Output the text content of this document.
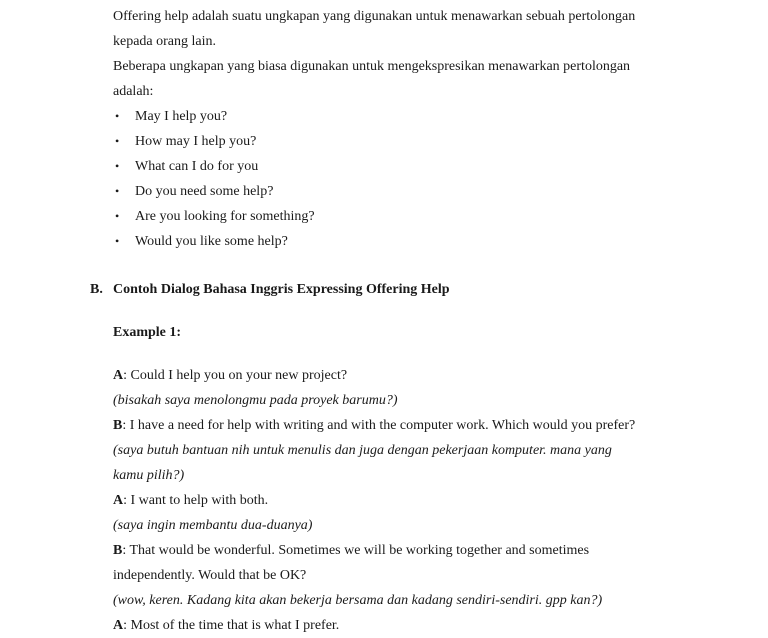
Offering help adalah suatu ungkapan yang digunakan untuk menawarkan sebuah pertolongan
kepada orang lain.
Beberapa ungkapan yang biasa digunakan untuk mengekspresikan menawarkan pertolongan
adalah:
• May I help you?
• How may I help you?
• What can I do for you
• Do you need some help?
• Are you looking for something?
• Would you like some help?
B. Contoh Dialog Bahasa Inggris Expressing Offering Help
Example 1:
A: Could I help you on your new project?
(bisakah saya menolongmu pada proyek barumu?)
B: I have a need for help with writing and with the computer work. Which would you prefer?
(saya butuh bantuan nih untuk menulis dan juga dengan pekerjaan komputer. mana yang
kamu pilih?)
A: I want to help with both.
(saya ingin membantu dua-duanya)
B: That would be wonderful. Sometimes we will be working together and sometimes
independently. Would that be OK?
(wow, keren. Kadang kita akan bekerja bersama dan kadang sendiri-sendiri. gpp kan?)
A: Most of the time that is what I prefer.
